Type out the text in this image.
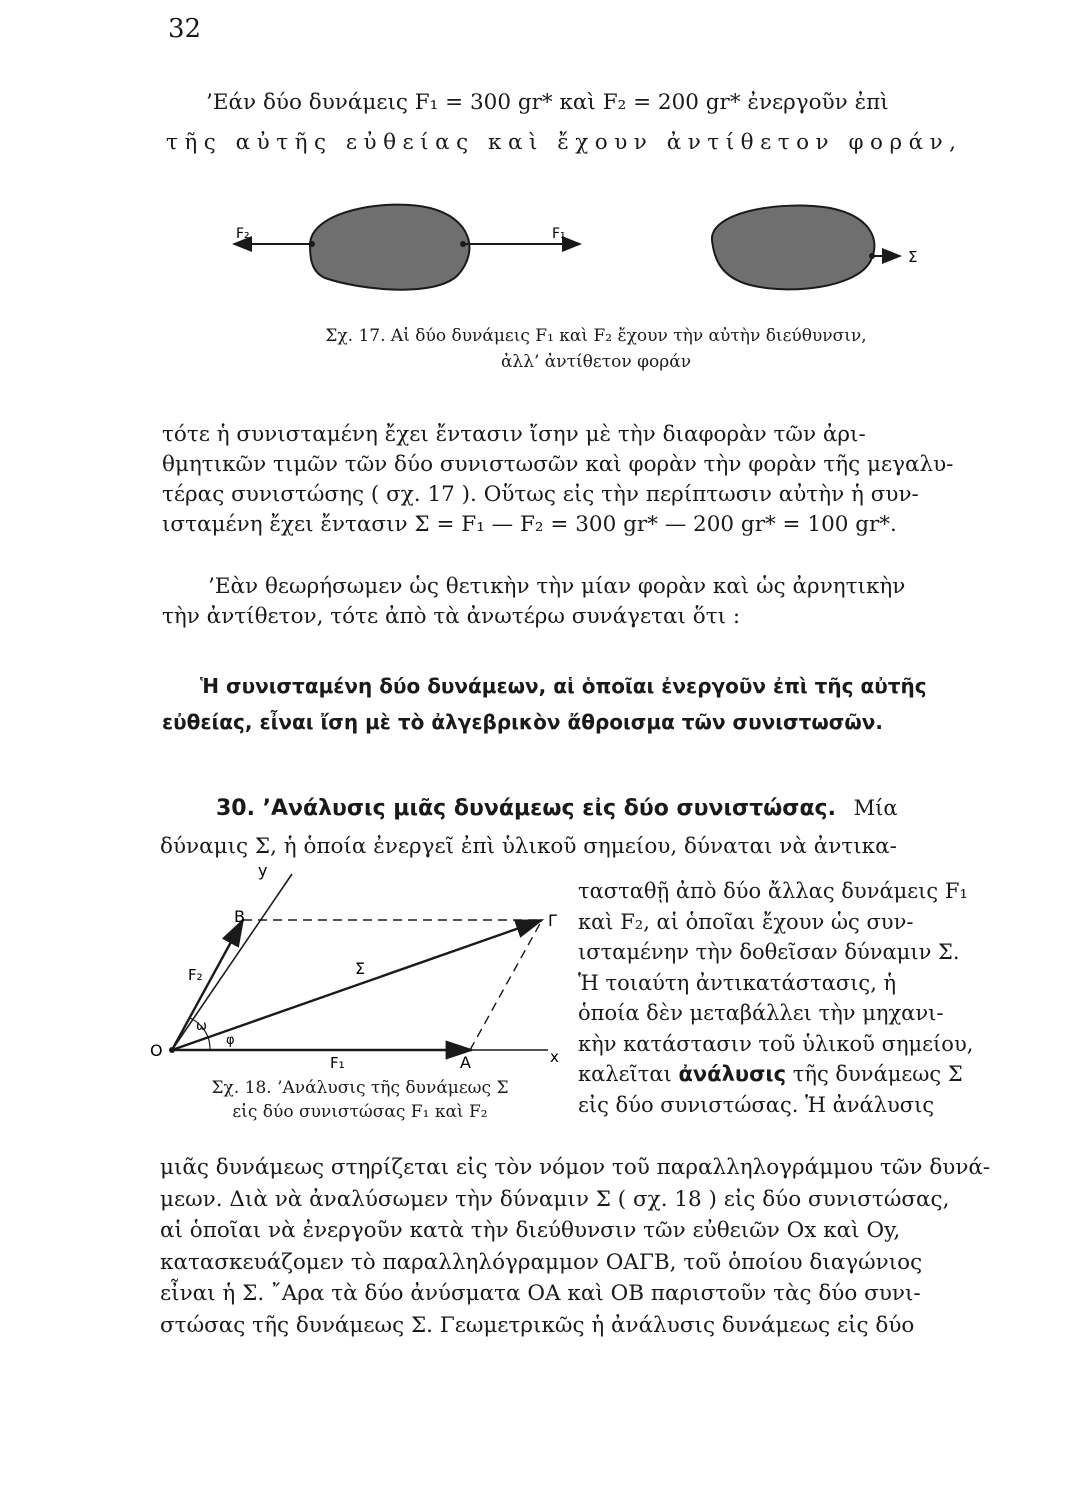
32
’Εάν δύο δυνάμεις F₁ = 300 gr* καὶ F₂ = 200 gr* ἐνεργοῦν ἐπὶ
τῆς αὐτῆς εὐθείας καὶ ἔχουν ἀντίθετον φοράν,
F₂	F₁
Σ
Σχ. 17. Αἱ δύο δυνάμεις F₁ καὶ F₂ ἔχουν τὴν αὐτὴν διεύθυνσιν,
ἀλλ’ ἀντίθετον φοράν
τότε ἡ συνισταμένη ἔχει ἔντασιν ἴσην μὲ τὴν διαφορὰν τῶν ἀρι-
θμητικῶν τιμῶν τῶν δύο συνιστωσῶν καὶ φορὰν τὴν φορὰν τῆς μεγαλυ-
τέρας συνιστώσης ( σχ. 17 ). Οὕτως εἰς τὴν περίπτωσιν αὐτὴν ἡ συν-
ισταμένη ἔχει ἔντασιν Σ = F₁ — F₂ = 300 gr* — 200 gr* = 100 gr*.
’Εὰν θεωρήσωμεν ὡς θετικὴν τὴν μίαν φορὰν καὶ ὡς ἀρνητικὴν
τὴν ἀντίθετον, τότε ἀπὸ τὰ ἀνωτέρω συνάγεται ὅτι :
Ἡ συνισταμένη δύο δυνάμεων, αἱ ὁποῖαι ἐνεργοῦν ἐπὶ τῆς αὐτῆς
εὐθείας, εἶναι ἴση μὲ τὸ ἀλγεβρικὸν ἄθροισμα τῶν συνιστωσῶν.
30. ’Ανάλυσις μιᾶς δυνάμεως εἰς δύο συνιστώσας. Μία
δύναμις Σ, ἡ ὁποία ἐνεργεῖ ἐπὶ ὑλικοῦ σημείου, δύναται νὰ ἀντικα-
τασταθῇ ἀπὸ δύο ἄλλας δυνάμεις F₁
καὶ F₂, αἱ ὁποῖαι ἔχουν ὡς συν-
ισταμένην τὴν δοθεῖσαν δύναμιν Σ.
Ἡ τοιαύτη ἀντικατάστασις, ἡ
ὁποία δὲν μεταβάλλει τὴν μηχανι-
κὴν κατάστασιν τοῦ ὑλικοῦ σημείου,
καλεῖται ἀνάλυσις τῆς δυνάμεως Σ
εἰς δύο συνιστώσας. Ἡ ἀνάλυσις
y
B	Γ
F₂	Σ
ω
φ
O
F₁	A	x
Σχ. 18. ’Ανάλυσις τῆς δυνάμεως Σ
εἰς δύο συνιστώσας F₁ καὶ F₂
μιᾶς δυνάμεως στηρίζεται εἰς τὸν νόμον τοῦ παραλληλογράμμου τῶν δυνά-
μεων. Διὰ νὰ ἀναλύσωμεν τὴν δύναμιν Σ ( σχ. 18 ) εἰς δύο συνιστώσας,
αἱ ὁποῖαι νὰ ἐνεργοῦν κατὰ τὴν διεύθυνσιν τῶν εὐθειῶν Ox καὶ Oy,
κατασκευάζομεν τὸ παραλληλόγραμμον ΟΑΓΒ, τοῦ ὁποίου διαγώνιος
εἶναι ἡ Σ. ῎Αρα τὰ δύο ἀνύσματα ΟΑ καὶ ΟΒ παριστοῦν τὰς δύο συνι-
στώσας τῆς δυνάμεως Σ. Γεωμετρικῶς ἡ ἀνάλυσις δυνάμεως εἰς δύο
